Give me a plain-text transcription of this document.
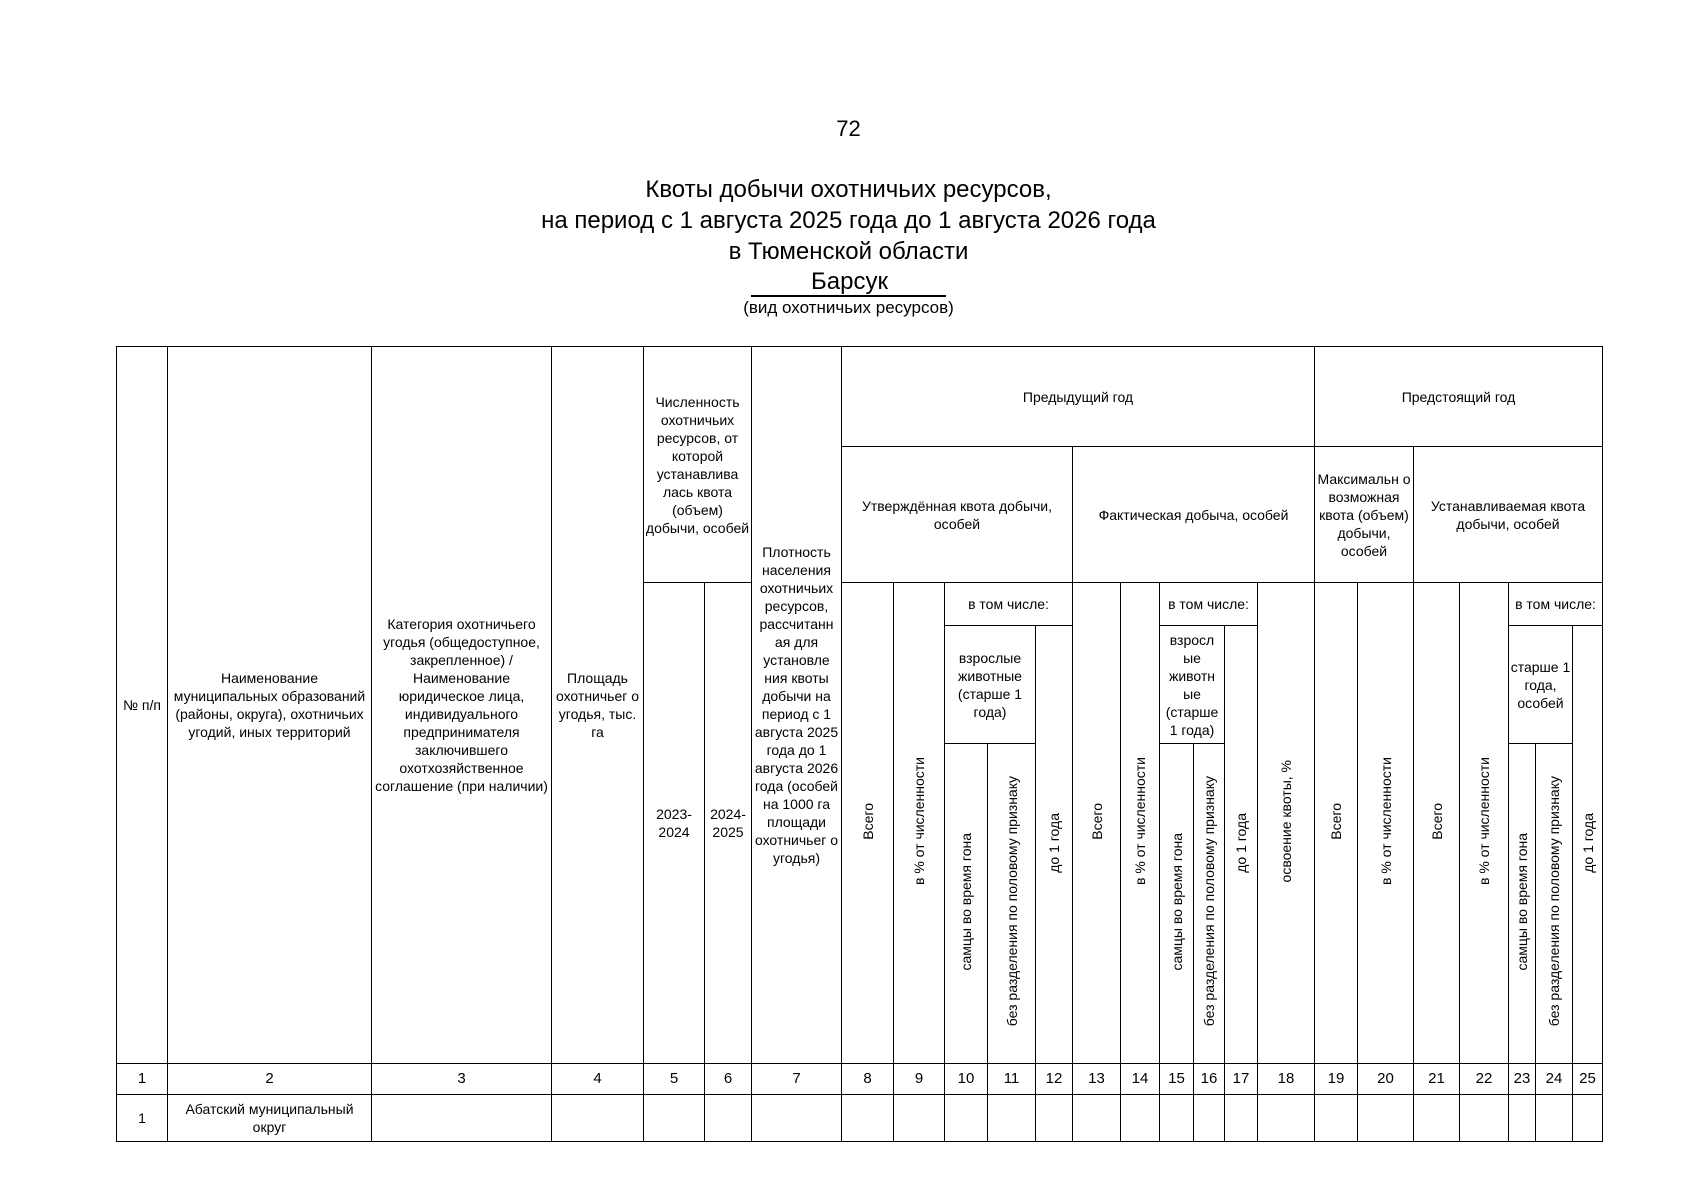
72
Квоты добычи охотничьих ресурсов,
на период с 1 августа 2025 года до 1 августа 2026 года
в Тюменской области
Барсук
(вид охотничьих ресурсов)
№ п/п	Наименование муниципальных образований (районы, округа), охотничьих угодий, иных территорий	Категория охотничьего угодья (общедоступное, закрепленное) / Наименование юридическое лица, индивидуального предпринимателя заключившего охотхозяйственное соглашение (при наличии)	Площадь охотничьег о угодья, тыс. га	Численность охотничьих ресурсов, от которой устанавлива лась квота (объем) добычи, особей		Плотность населения охотничьих ресурсов, рассчитанн ая для установле ния квоты добычи на период с 1 августа 2025 года до 1 августа 2026 года (особей на 1000 га площади охотничьег о угодья)	Предыдущий год											Предстоящий год						
							Утверждённая квота добычи, особей					Фактическая добыча, особей						Максимальн о возможная квота (объем) добычи, особей		Устанавливаемая квота добычи, особей				
				2023-2024	2024-2025		Всего	в % от численности	в том числе:			Всего	в % от численности	в том числе:			освоение квоты, %	Всего	в % от численности	Всего	в % от численности	в том числе:		
									взрослые животные (старше 1 года)		до 1 года			взросл ые животн ые (старше 1 года)		до 1 года						старше 1 года, особей		до 1 года
									самцы во время гона	без разделения по половому признаку				самцы во время гона	без разделения по половому признаку							самцы во время гона	без разделения по половому признаку	
1	2	3	4	5	6	7	8	9	10	11	12	13	14	15	16	17	18	19	20	21	22	23	24	25
1	Абатский муниципальный округ																							
